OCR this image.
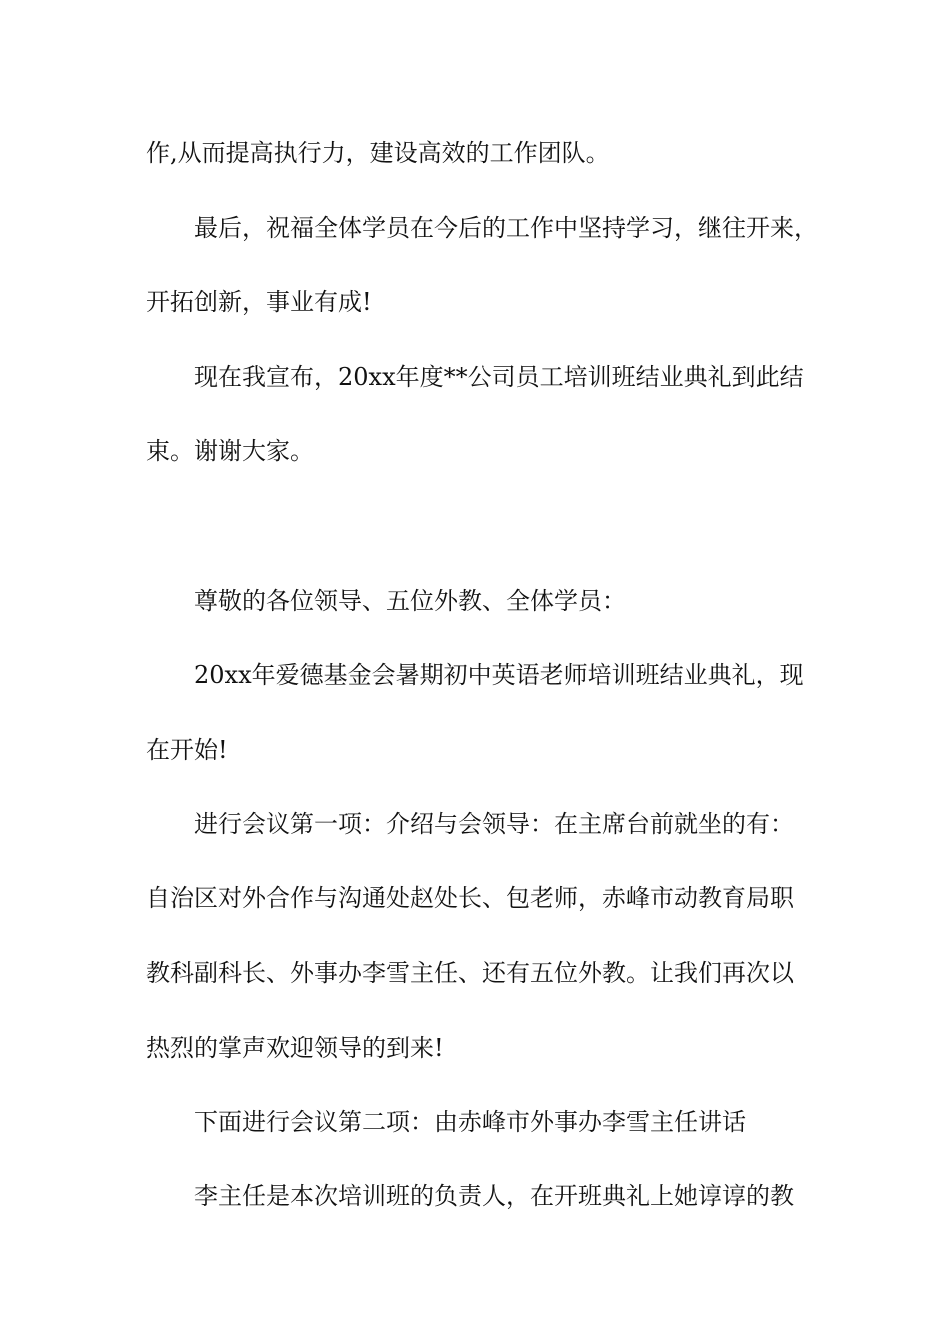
作,从而提高执行力，建设高效的工作团队。
最后，祝福全体学员在今后的工作中坚持学习，继往开来，
开拓创新，事业有成!
现在我宣布，20xx年度**公司员工培训班结业典礼到此结
束。谢谢大家。
尊敬的各位领导、五位外教、全体学员：
20xx年爱德基金会暑期初中英语老师培训班结业典礼，现
在开始!
进行会议第一项：介绍与会领导：在主席台前就坐的有：
自治区对外合作与沟通处赵处长、包老师，赤峰市动教育局职
教科副科长、外事办李雪主任、还有五位外教。让我们再次以
热烈的掌声欢迎领导的到来!
下面进行会议第二项：由赤峰市外事办李雪主任讲话
李主任是本次培训班的负责人，在开班典礼上她谆谆的教
